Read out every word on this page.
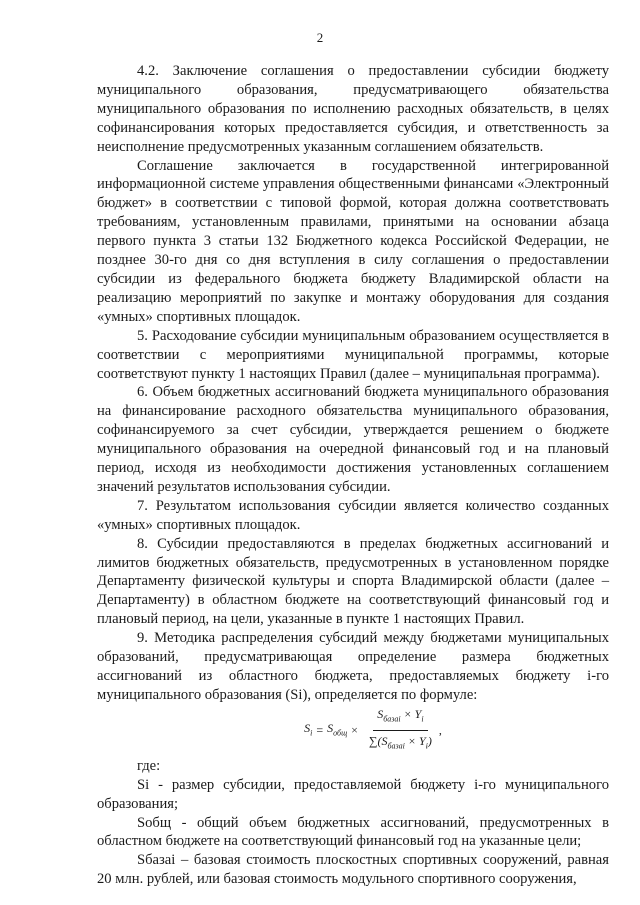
2

4.2. Заключение соглашения о предоставлении субсидии бюджету муниципального образования, предусматривающего обязательства муниципального образования по исполнению расходных обязательств, в целях софинансирования которых предоставляется субсидия, и ответственность за неисполнение предусмотренных указанным соглашением обязательств.

Соглашение заключается в государственной интегрированной информационной системе управления общественными финансами «Электронный бюджет» в соответствии с типовой формой, которая должна соответствовать требованиям, установленным правилами, принятыми на основании абзаца первого пункта 3 статьи 132 Бюджетного кодекса Российской Федерации, не позднее 30-го дня со дня вступления в силу соглашения о предоставлении субсидии из федерального бюджета бюджету Владимирской области на реализацию мероприятий по закупке и монтажу оборудования для создания «умных» спортивных площадок.

5. Расходование субсидии муниципальным образованием осуществляется в соответствии с мероприятиями муниципальной программы, которые соответствуют пункту 1 настоящих Правил (далее – муниципальная программа).

6. Объем бюджетных ассигнований бюджета муниципального образования на финансирование расходного обязательства муниципального образования, софинансируемого за счет субсидии, утверждается решением о бюджете муниципального образования на очередной финансовый год и на плановый период, исходя из необходимости достижения установленных соглашением значений результатов использования субсидии.

7. Результатом использования субсидии является количество созданных «умных» спортивных площадок.

8. Субсидии предоставляются в пределах бюджетных ассигнований и лимитов бюджетных обязательств, предусмотренных в установленном порядке Департаменту физической культуры и спорта Владимирской области (далее – Департаменту) в областном бюджете на соответствующий финансовый год и плановый период, на цели, указанные в пункте 1 настоящих Правил.

9. Методика распределения субсидий между бюджетами муниципальных образований, предусматривающая определение размера бюджетных ассигнований из областного бюджета, предоставляемых бюджету i-го муниципального образования (Si), определяется по формуле:

$S_i = S_{общ} \times \frac{S_{базаi} \times Y_i}{\sum(S_{базаi} \times Y_i)}$ ,

где:

Si - размер субсидии, предоставляемой бюджету i-го муниципального образования;

Sобщ - общий объем бюджетных ассигнований, предусмотренных в областном бюджете на соответствующий финансовый год на указанные цели;

Sбазаi – базовая стоимость плоскостных спортивных сооружений, равная 20 млн. рублей, или базовая стоимость модульного спортивного сооружения,
